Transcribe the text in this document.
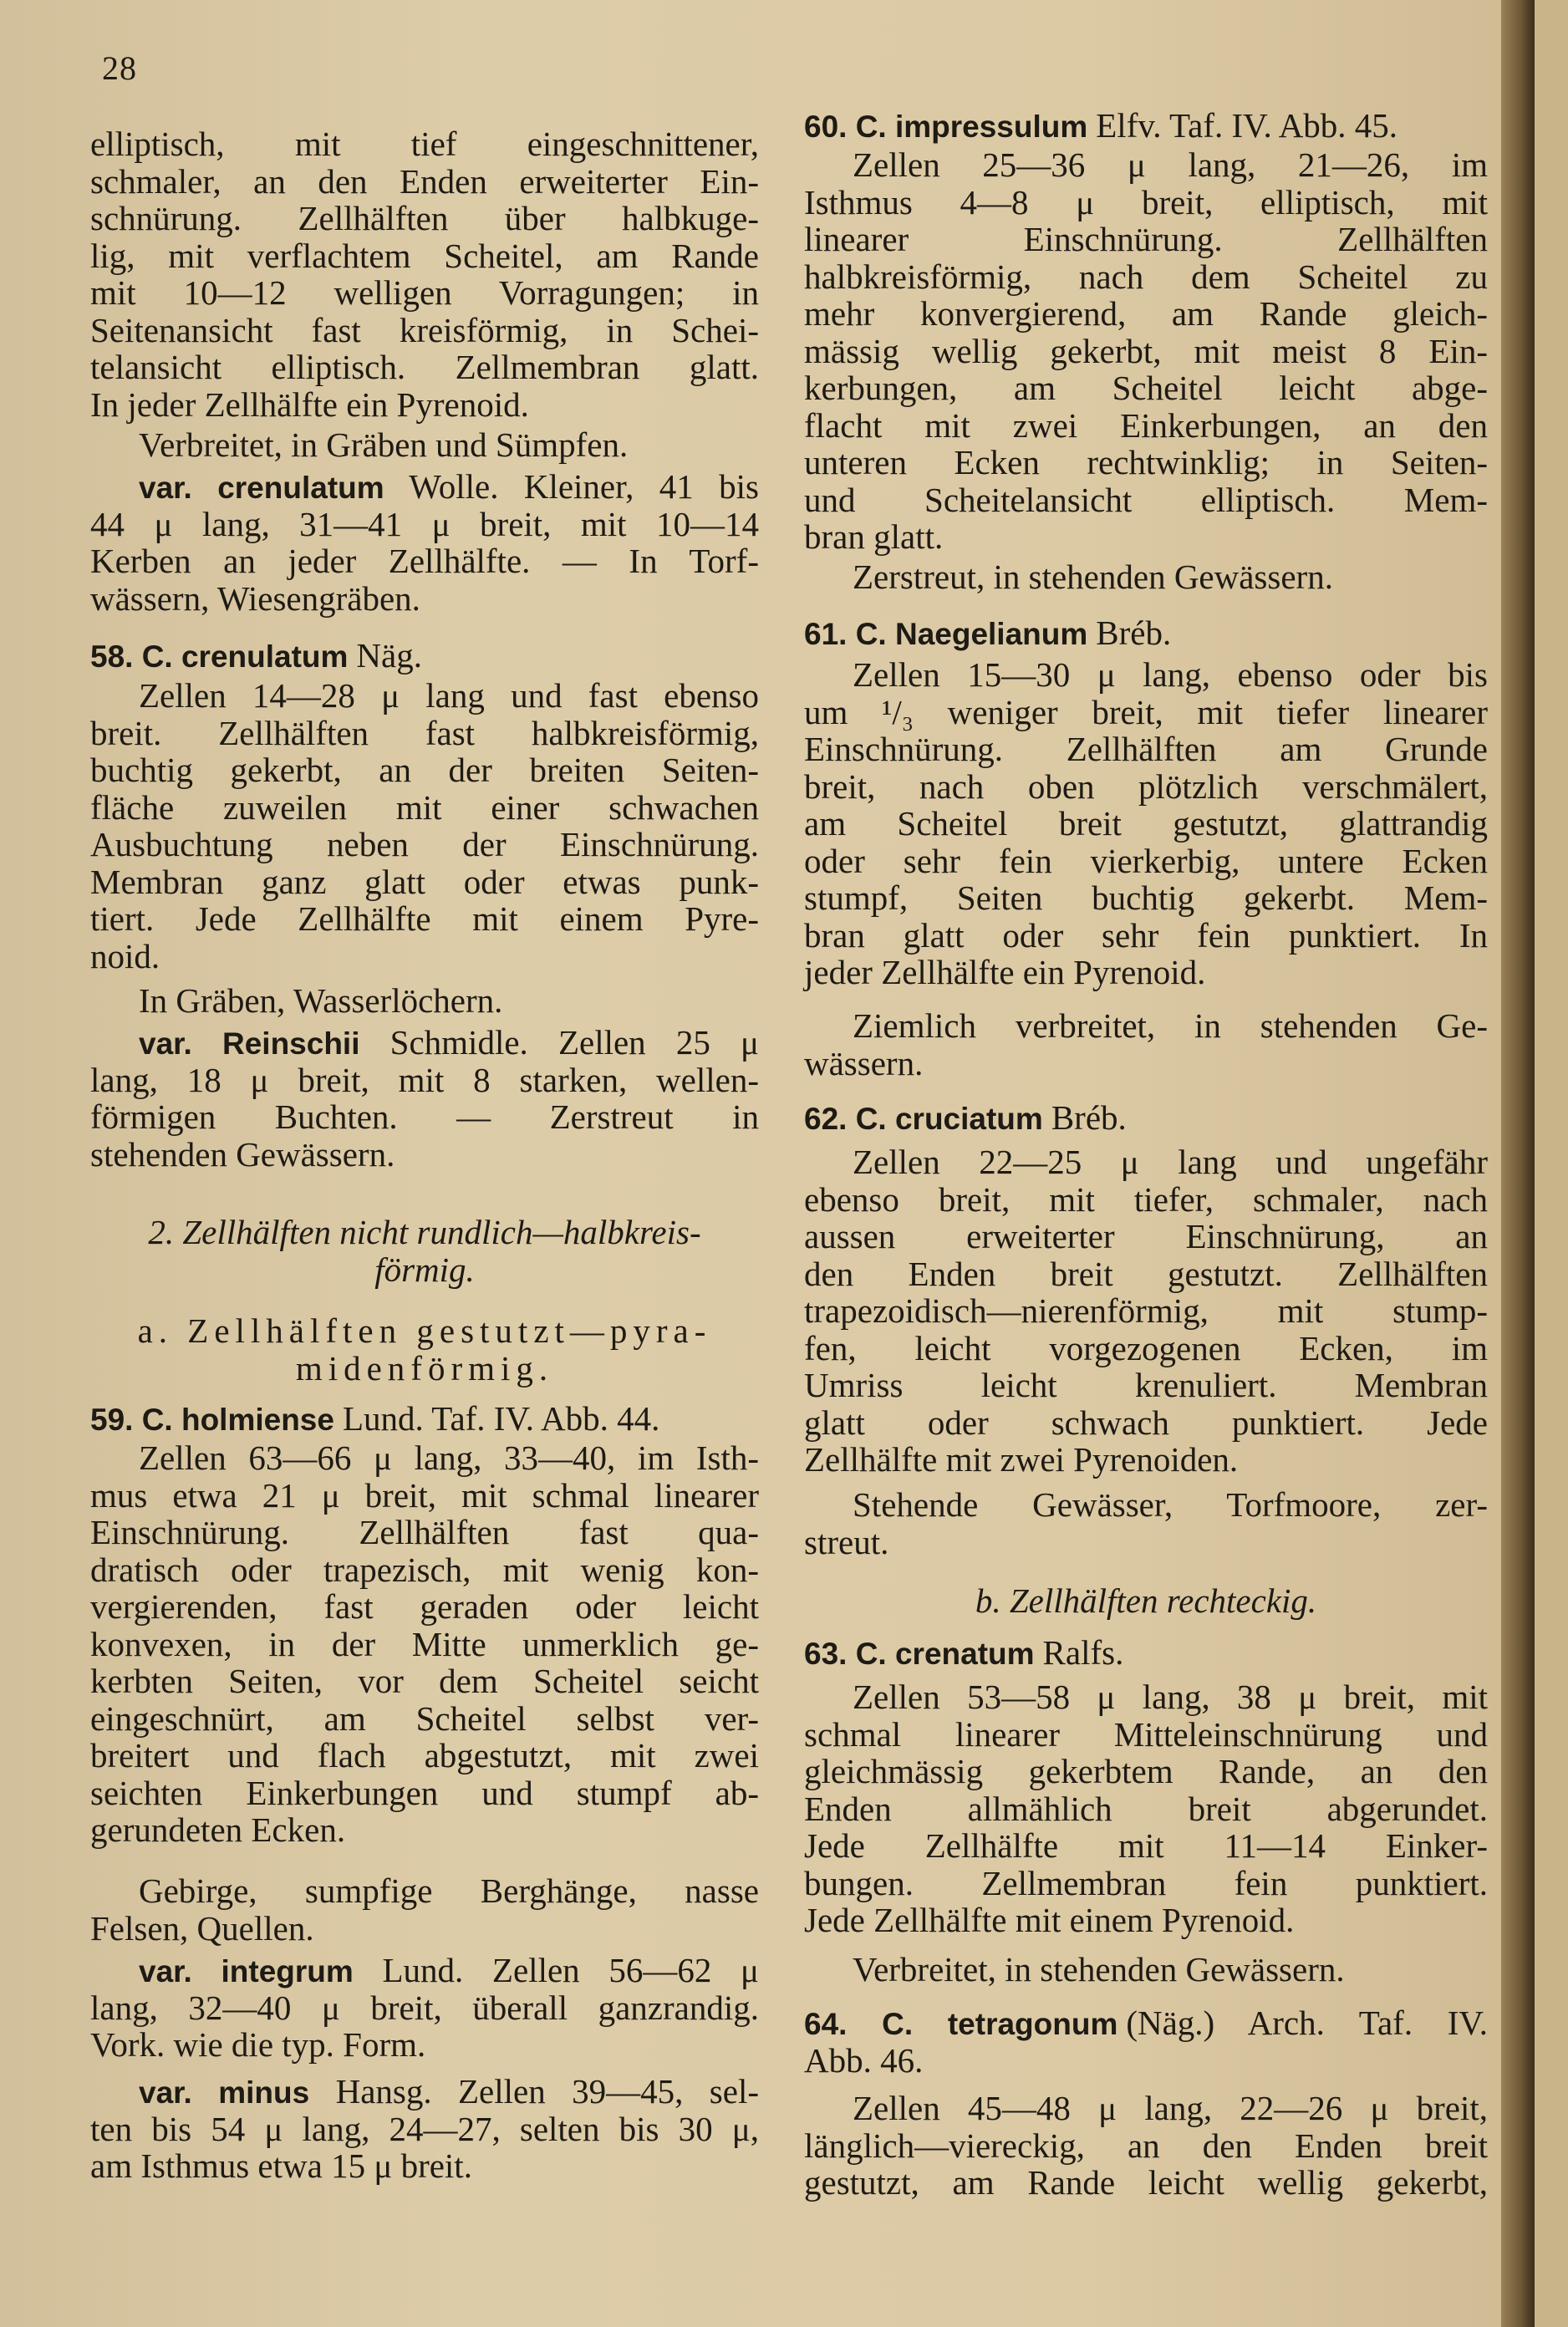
28
elliptisch, mit tief eingeschnittener,
schmaler, an den Enden erweiterter Ein-
schnürung. Zellhälften über halbkuge-
lig, mit verflachtem Scheitel, am Rande
mit 10—12 welligen Vorragungen; in
Seitenansicht fast kreisförmig, in Schei-
telansicht elliptisch. Zellmembran glatt.
In jeder Zellhälfte ein Pyrenoid.
Verbreitet, in Gräben und Sümpfen.
var. crenulatum Wolle. Kleiner, 41 bis
44 μ lang, 31—41 μ breit, mit 10—14
Kerben an jeder Zellhälfte. — In Torf-
wässern, Wiesengräben.
58. C. crenulatum Näg.
Zellen 14—28 μ lang und fast ebenso
breit. Zellhälften fast halbkreisförmig,
buchtig gekerbt, an der breiten Seiten-
fläche zuweilen mit einer schwachen
Ausbuchtung neben der Einschnürung.
Membran ganz glatt oder etwas punk-
tiert. Jede Zellhälfte mit einem Pyre-
noid.
In Gräben, Wasserlöchern.
var. Reinschii Schmidle. Zellen 25 μ
lang, 18 μ breit, mit 8 starken, wellen-
förmigen Buchten. — Zerstreut in
stehenden Gewässern.
2. Zellhälften nicht rundlich—halbkreis-
förmig.
a. Zellhälften gestutzt—pyra-
midenförmig.
59. C. holmiense Lund. Taf. IV. Abb. 44.
Zellen 63—66 μ lang, 33—40, im Isth-
mus etwa 21 μ breit, mit schmal linearer
Einschnürung. Zellhälften fast qua-
dratisch oder trapezisch, mit wenig kon-
vergierenden, fast geraden oder leicht
konvexen, in der Mitte unmerklich ge-
kerbten Seiten, vor dem Scheitel seicht
eingeschnürt, am Scheitel selbst ver-
breitert und flach abgestutzt, mit zwei
seichten Einkerbungen und stumpf ab-
gerundeten Ecken.
Gebirge, sumpfige Berghänge, nasse
Felsen, Quellen.
var. integrum Lund. Zellen 56—62 μ
lang, 32—40 μ breit, überall ganzrandig.
Vork. wie die typ. Form.
var. minus Hansg. Zellen 39—45, sel-
ten bis 54 μ lang, 24—27, selten bis 30 μ,
am Isthmus etwa 15 μ breit.
60. C. impressulum Elfv. Taf. IV. Abb. 45.
Zellen 25—36 μ lang, 21—26, im
Isthmus 4—8 μ breit, elliptisch, mit
linearer Einschnürung. Zellhälften
halbkreisförmig, nach dem Scheitel zu
mehr konvergierend, am Rande gleich-
mässig wellig gekerbt, mit meist 8 Ein-
kerbungen, am Scheitel leicht abge-
flacht mit zwei Einkerbungen, an den
unteren Ecken rechtwinklig; in Seiten-
und Scheitelansicht elliptisch. Mem-
bran glatt.
Zerstreut, in stehenden Gewässern.
61. C. Naegelianum Bréb.
Zellen 15—30 μ lang, ebenso oder bis
um ¹/₃ weniger breit, mit tiefer linearer
Einschnürung. Zellhälften am Grunde
breit, nach oben plötzlich verschmälert,
am Scheitel breit gestutzt, glattrandig
oder sehr fein vierkerbig, untere Ecken
stumpf, Seiten buchtig gekerbt. Mem-
bran glatt oder sehr fein punktiert. In
jeder Zellhälfte ein Pyrenoid.
Ziemlich verbreitet, in stehenden Ge-
wässern.
62. C. cruciatum Bréb.
Zellen 22—25 μ lang und ungefähr
ebenso breit, mit tiefer, schmaler, nach
aussen erweiterter Einschnürung, an
den Enden breit gestutzt. Zellhälften
trapezoidisch—nierenförmig, mit stump-
fen, leicht vorgezogenen Ecken, im
Umriss leicht krenuliert. Membran
glatt oder schwach punktiert. Jede
Zellhälfte mit zwei Pyrenoiden.
Stehende Gewässer, Torfmoore, zer-
streut.
b. Zellhälften rechteckig.
63. C. crenatum Ralfs.
Zellen 53—58 μ lang, 38 μ breit, mit
schmal linearer Mitteleinschnürung und
gleichmässig gekerbtem Rande, an den
Enden allmählich breit abgerundet.
Jede Zellhälfte mit 11—14 Einker-
bungen. Zellmembran fein punktiert.
Jede Zellhälfte mit einem Pyrenoid.
Verbreitet, in stehenden Gewässern.
64. C. tetragonum (Näg.) Arch. Taf. IV.
Abb. 46.
Zellen 45—48 μ lang, 22—26 μ breit,
länglich—viereckig, an den Enden breit
gestutzt, am Rande leicht wellig gekerbt,
